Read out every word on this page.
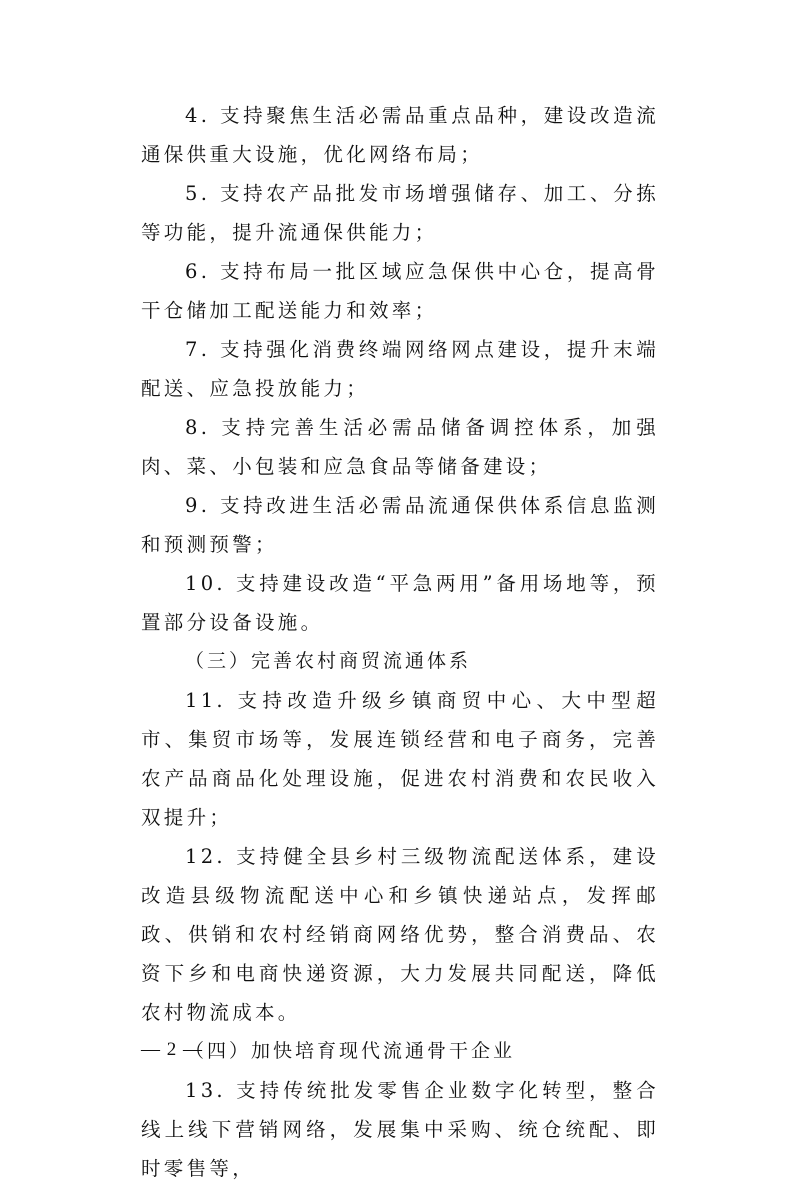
4. 支持聚焦生活必需品重点品种，建设改造流通保供重大设施，优化网络布局；

5. 支持农产品批发市场增强储存、加工、分拣等功能，提升流通保供能力；

6. 支持布局一批区域应急保供中心仓，提高骨干仓储加工配送能力和效率；

7. 支持强化消费终端网络网点建设，提升末端配送、应急投放能力；

8. 支持完善生活必需品储备调控体系，加强肉、菜、小包装和应急食品等储备建设；

9. 支持改进生活必需品流通保供体系信息监测和预测预警；

10. 支持建设改造“平急两用”备用场地等，预置部分设备设施。

（三）完善农村商贸流通体系

11. 支持改造升级乡镇商贸中心、大中型超市、集贸市场等，发展连锁经营和电子商务，完善农产品商品化处理设施，促进农村消费和农民收入双提升；

12. 支持健全县乡村三级物流配送体系，建设改造县级物流配送中心和乡镇快递站点，发挥邮政、供销和农村经销商网络优势，整合消费品、农资下乡和电商快递资源，大力发展共同配送，降低农村物流成本。

（四）加快培育现代流通骨干企业

13. 支持传统批发零售企业数字化转型，整合线上线下营销网络，发展集中采购、统仓统配、即时零售等，

— 2 —
